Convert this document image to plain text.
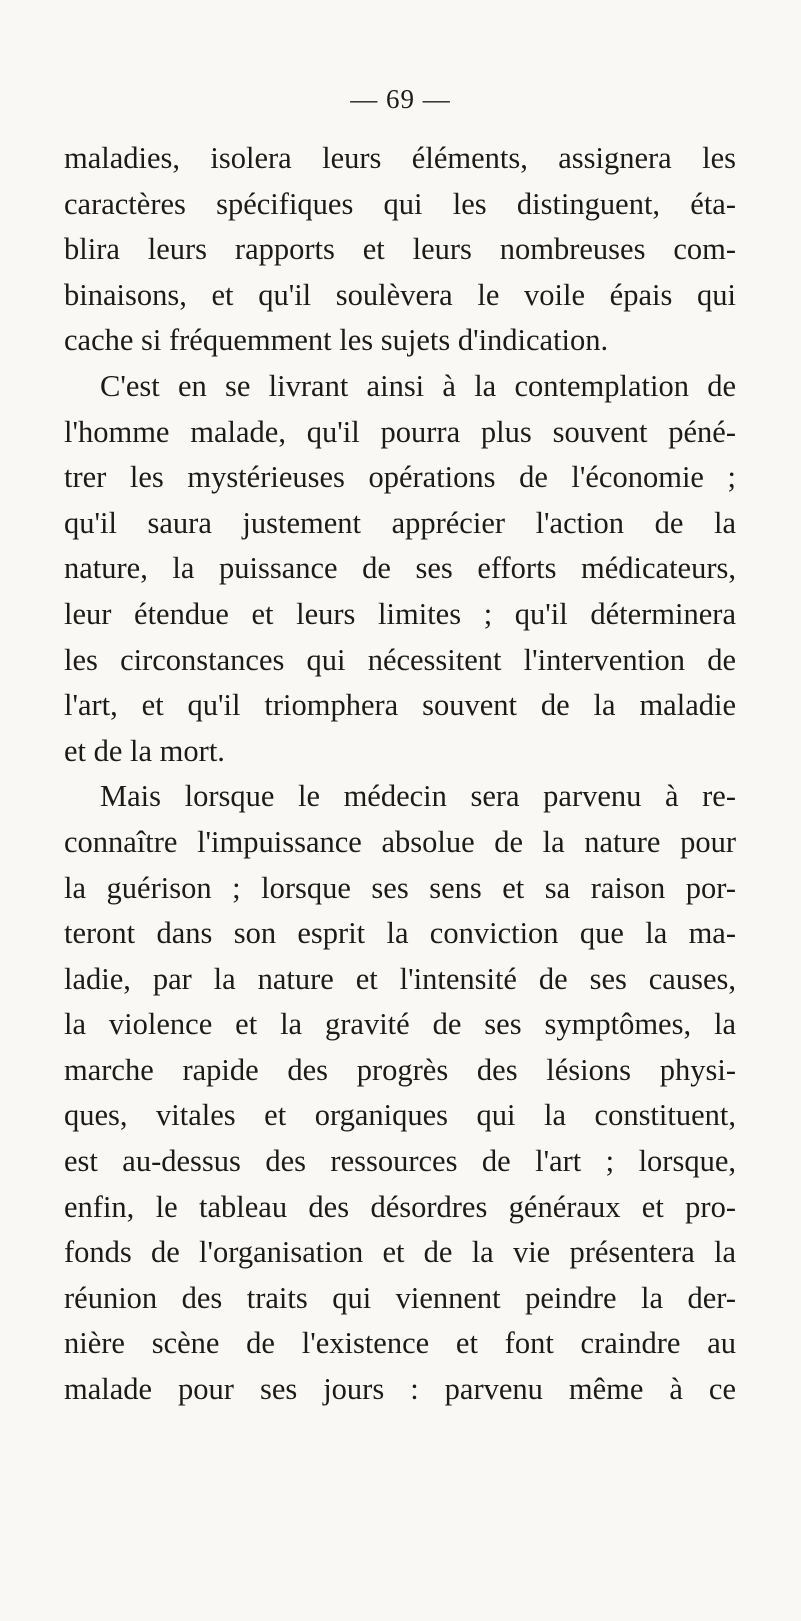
— 69 —
maladies, isolera leurs éléments, assignera les
caractères spécifiques qui les distinguent, éta-
blira leurs rapports et leurs nombreuses com-
binaisons, et qu'il soulèvera le voile épais qui
cache si fréquemment les sujets d'indication.
C'est en se livrant ainsi à la contemplation de
l'homme malade, qu'il pourra plus souvent péné-
trer les mystérieuses opérations de l'économie ;
qu'il saura justement apprécier l'action de la
nature, la puissance de ses efforts médicateurs,
leur étendue et leurs limites ; qu'il déterminera
les circonstances qui nécessitent l'intervention de
l'art, et qu'il triomphera souvent de la maladie
et de la mort.
Mais lorsque le médecin sera parvenu à re-
connaître l'impuissance absolue de la nature pour
la guérison ; lorsque ses sens et sa raison por-
teront dans son esprit la conviction que la ma-
ladie, par la nature et l'intensité de ses causes,
la violence et la gravité de ses symptômes, la
marche rapide des progrès des lésions physi-
ques, vitales et organiques qui la constituent,
est au-dessus des ressources de l'art ; lorsque,
enfin, le tableau des désordres généraux et pro-
fonds de l'organisation et de la vie présentera la
réunion des traits qui viennent peindre la der-
nière scène de l'existence et font craindre au
malade pour ses jours : parvenu même à ce
